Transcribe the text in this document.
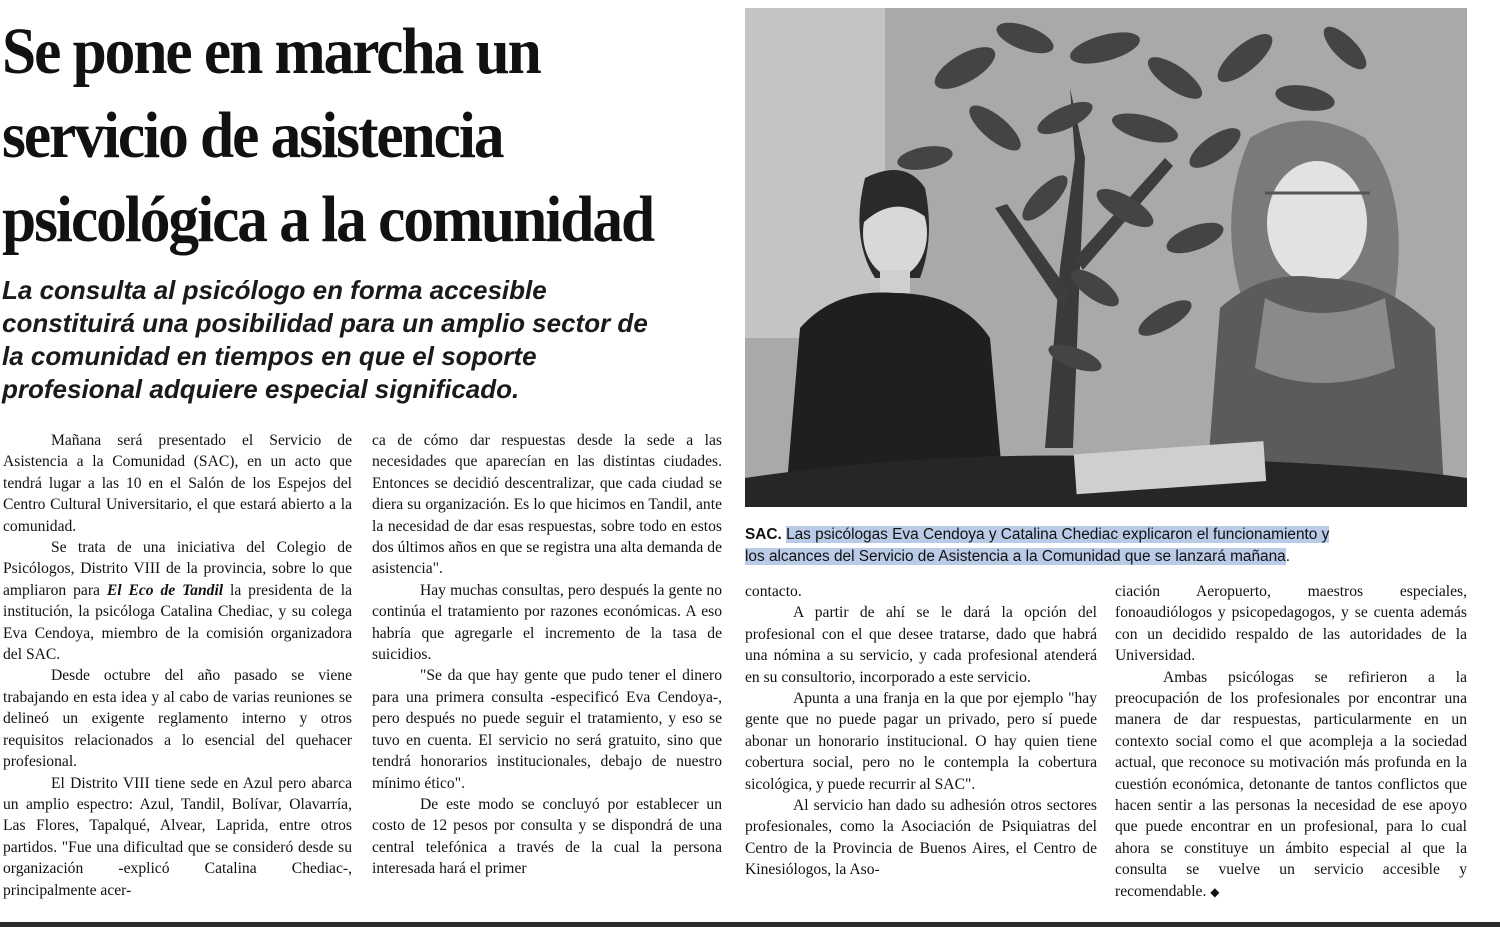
Se pone en marcha un
servicio de asistencia
psicológica a la comunidad
La consulta al psicólogo en forma accesible
constituirá una posibilidad para un amplio sector de
la comunidad en tiempos en que el soporte
profesional adquiere especial significado.
SAC. Las psicólogas Eva Cendoya y Catalina Chediac explicaron el funcionamiento y
los alcances del Servicio de Asistencia a la Comunidad que se lanzará mañana.

Mañana será presentado el Servicio de Asistencia a la Comunidad (SAC), en un acto que tendrá lugar a las 10 en el Salón de los Espejos del Centro Cultural Universitario, el que estará abierto a la comunidad.

Se trata de una iniciativa del Colegio de Psicólogos, Distrito VIII de la provincia, sobre lo que ampliaron para El Eco de Tandil la presidenta de la institución, la psicóloga Catalina Chediac, y su colega Eva Cendoya, miembro de la comisión organizadora del SAC.

Desde octubre del año pasado se viene trabajando en esta idea y al cabo de varias reuniones se delineó un exigente reglamento interno y otros requisitos relacionados a lo esencial del quehacer profesional.

El Distrito VIII tiene sede en Azul pero abarca un amplio espectro: Azul, Tandil, Bolívar, Olavarría, Las Flores, Tapalqué, Alvear, Laprida, entre otros partidos. "Fue una dificultad que se consideró desde su organización -explicó Catalina Chediac-, principalmente acer-

ca de cómo dar respuestas desde la sede a las necesidades que aparecían en las distintas ciudades. Entonces se decidió descentralizar, que cada ciudad se diera su organización. Es lo que hicimos en Tandil, ante la necesidad de dar esas respuestas, sobre todo en estos dos últimos años en que se registra una alta demanda de asistencia".

Hay muchas consultas, pero después la gente no continúa el tratamiento por razones económicas. A eso habría que agregarle el incremento de la tasa de suicidios.

"Se da que hay gente que pudo tener el dinero para una primera consulta -especificó Eva Cendoya-, pero después no puede seguir el tratamiento, y eso se tuvo en cuenta. El servicio no será gratuito, sino que tendrá honorarios institucionales, debajo de nuestro mínimo ético".

De este modo se concluyó por establecer un costo de 12 pesos por consulta y se dispondrá de una central telefónica a través de la cual la persona interesada hará el primer

contacto.

A partir de ahí se le dará la opción del profesional con el que desee tratarse, dado que habrá una nómina a su servicio, y cada profesional atenderá en su consultorio, incorporado a este servicio.

Apunta a una franja en la que por ejemplo "hay gente que no puede pagar un privado, pero sí puede abonar un honorario institucional. O hay quien tiene cobertura social, pero no le contempla la cobertura sicológica, y puede recurrir al SAC".

Al servicio han dado su adhesión otros sectores profesionales, como la Asociación de Psiquiatras del Centro de la Provincia de Buenos Aires, el Centro de Kinesiólogos, la Aso-

ciación Aeropuerto, maestros especiales, fonoaudiólogos y psicopedagogos, y se cuenta además con un decidido respaldo de las autoridades de la Universidad.

Ambas psicólogas se refirieron a la preocupación de los profesionales por encontrar una manera de dar respuestas, particularmente en un contexto social como el que acompleja a la sociedad actual, que reconoce su motivación más profunda en la cuestión económica, detonante de tantos conflictos que hacen sentir a las personas la necesidad de ese apoyo que puede encontrar en un profesional, para lo cual ahora se constituye un ámbito especial al que la consulta se vuelve un servicio accesible y recomendable. ◆
